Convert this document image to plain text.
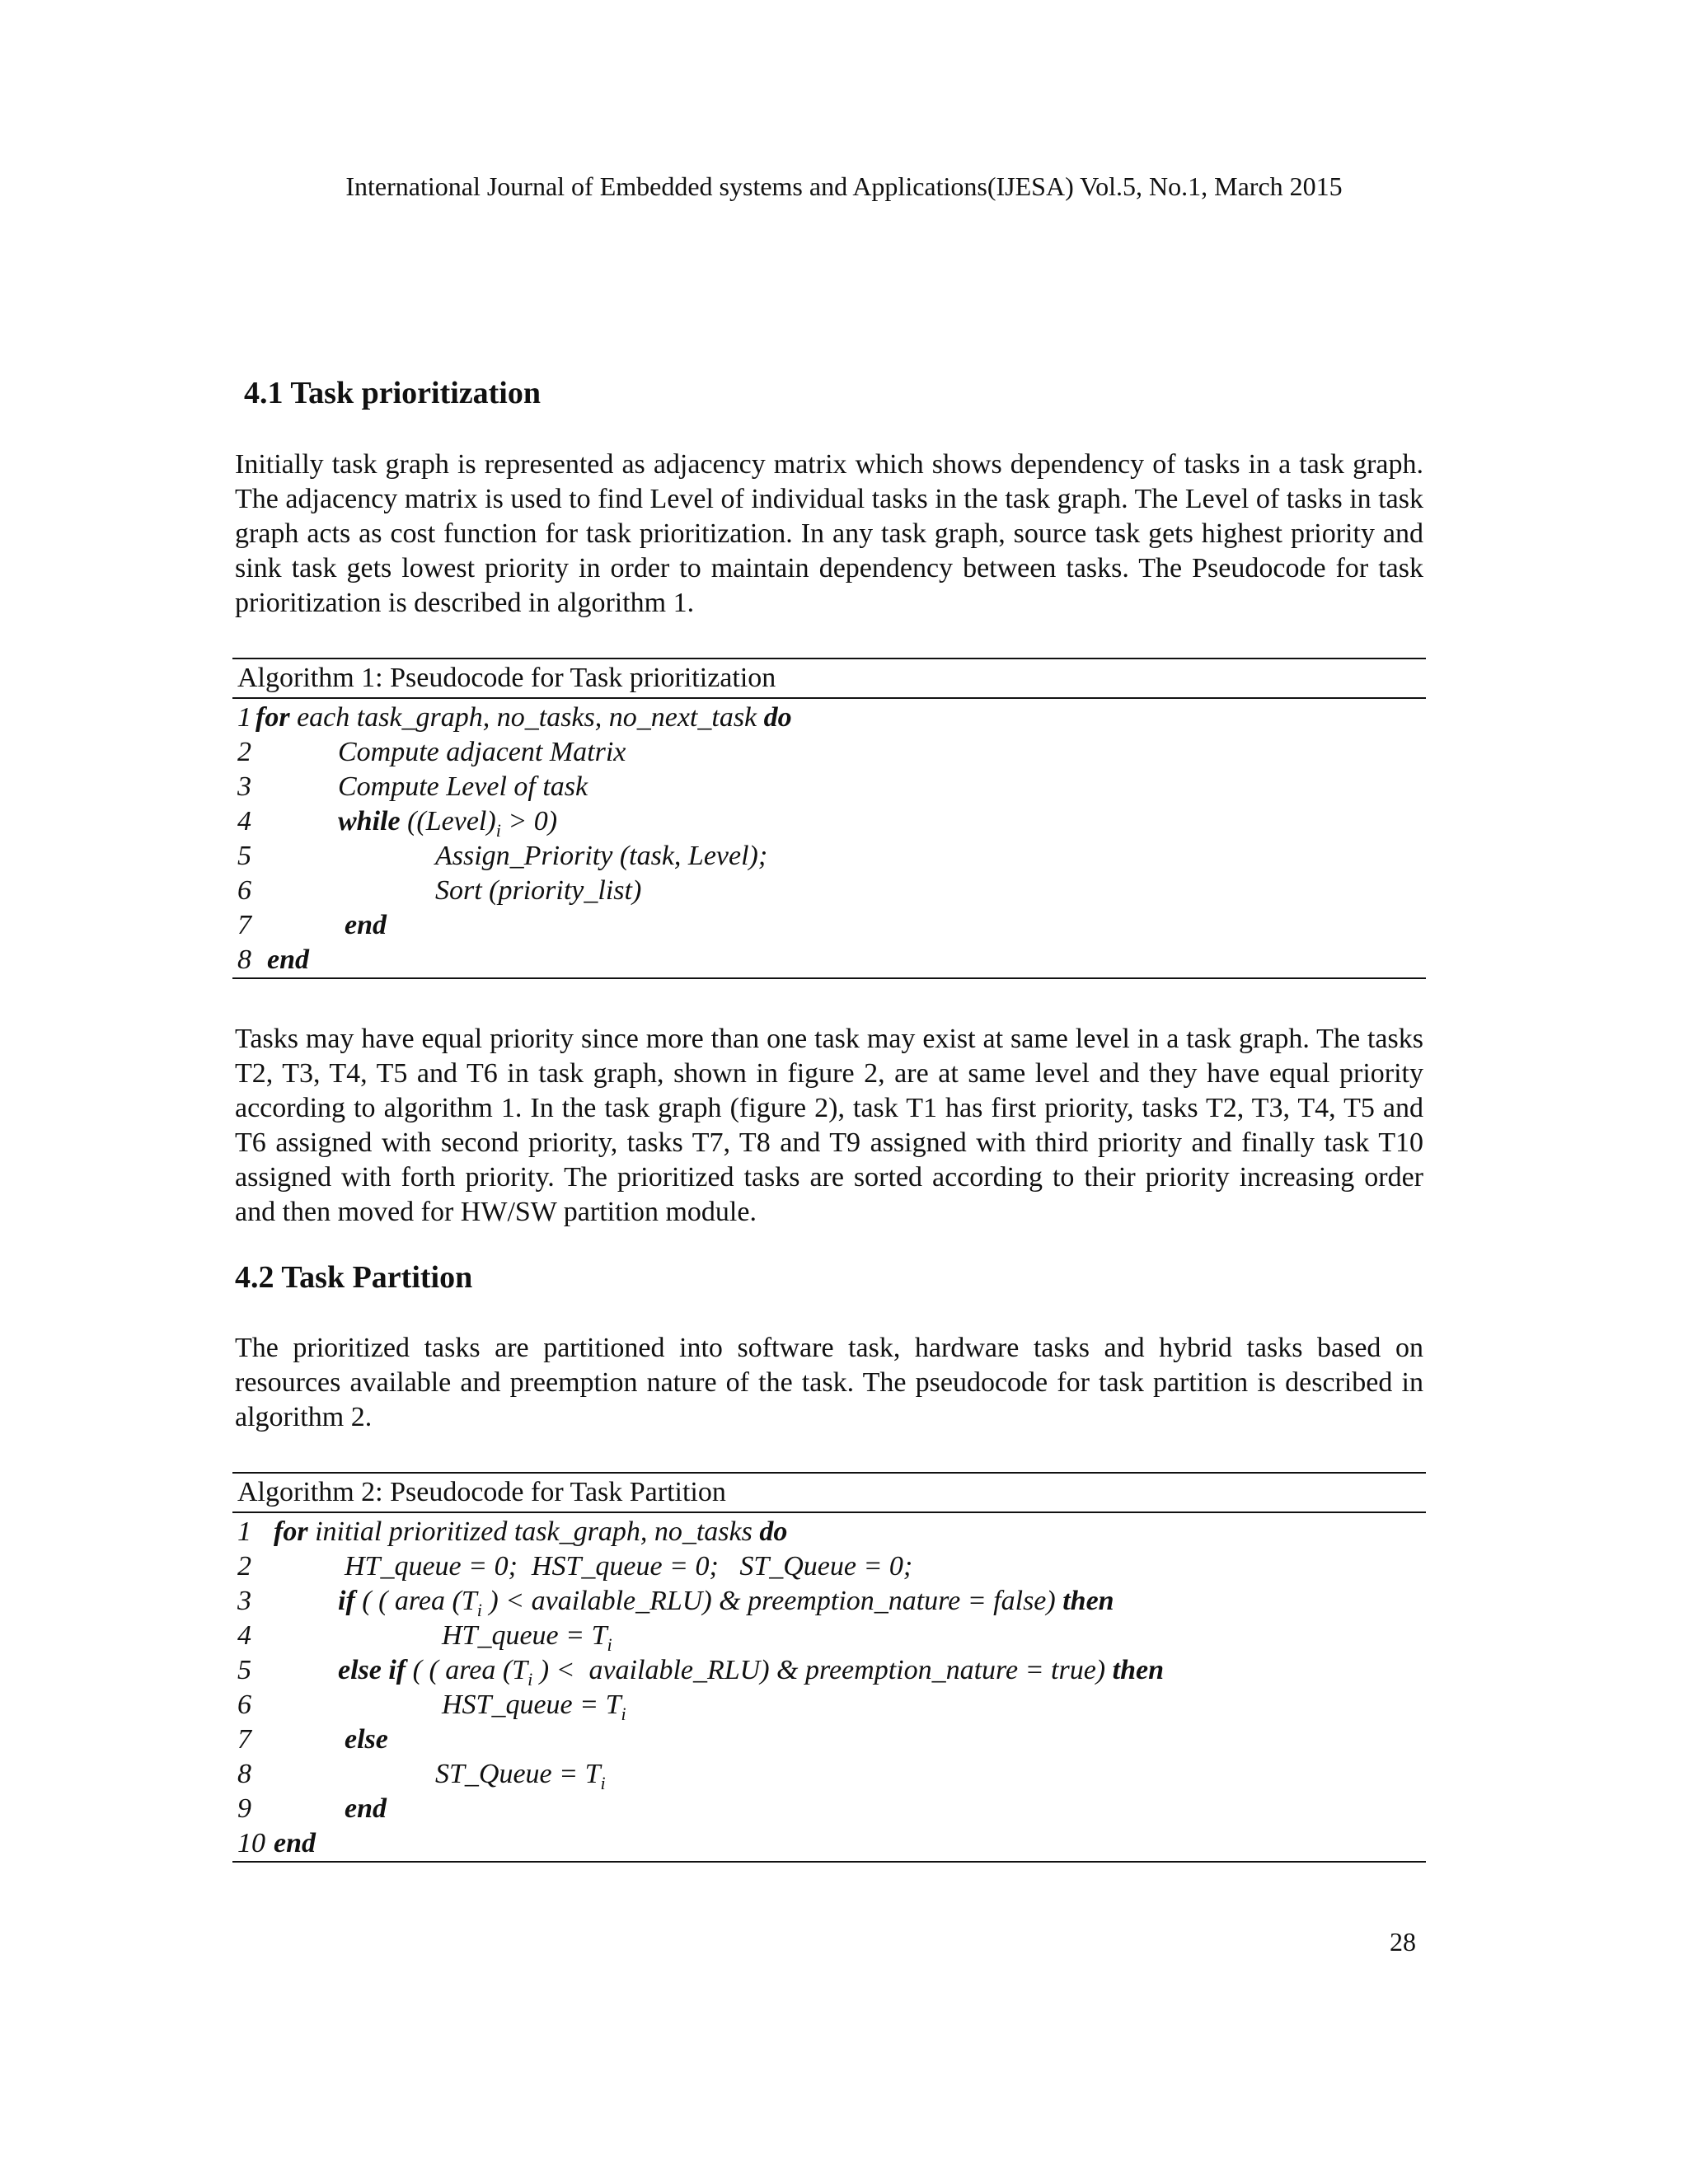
International Journal of Embedded systems and Applications(IJESA) Vol.5, No.1, March 2015
4.1 Task prioritization

Initially task graph is represented as adjacency matrix which shows dependency of tasks in a task graph. The adjacency matrix is used to find Level of individual tasks in the task graph. The Level of tasks in task graph acts as cost function for task prioritization. In any task graph, source task gets highest priority and sink task gets lowest priority in order to maintain dependency between tasks. The Pseudocode for task prioritization is described in algorithm 1.

Algorithm 1: Pseudocode for Task prioritization

1

for each task_graph, no_tasks, no_next_task do

2

	Compute adjacent Matrix

3

	Compute Level of task

4

	while $((Level)_i > 0)$

5

	Assign_Priority (task, Level);

6

	Sort (priority_list)

7

	end

8

end

Tasks may have equal priority since more than one task may exist at same level in a task graph. The tasks T2, T3, T4, T5 and T6 in task graph, shown in figure 2, are at same level and they have equal priority according to algorithm 1. In the task graph (figure 2), task T1 has first priority, tasks T2, T3, T4, T5 and T6 assigned with second priority, tasks T7, T8 and T9 assigned with third priority and finally task T10 assigned with forth priority. The prioritized tasks are sorted according to their priority increasing order and then moved for HW/SW partition module.

4.2 Task Partition

The prioritized tasks are partitioned into software task, hardware tasks and hybrid tasks based on resources available and preemption nature of the task. The pseudocode for task partition is described in algorithm 2.

Algorithm 2: Pseudocode for Task Partition

1

for initial prioritized task_graph, no_tasks do

2

	HT_queue = 0;  HST_queue = 0;   ST_Queue = 0;

3

	if ( ( area ($T_i$ ) < available_RLU) & preemption_nature = false) then

4

	HT_queue = $T_i$

5

	else if ( ( area ($T_i$ ) <  available_RLU) & preemption_nature = true) then

6

	HST_queue = $T_i$

7

	else

8

	ST_Queue = $T_i$

9

	end

10

end

28
